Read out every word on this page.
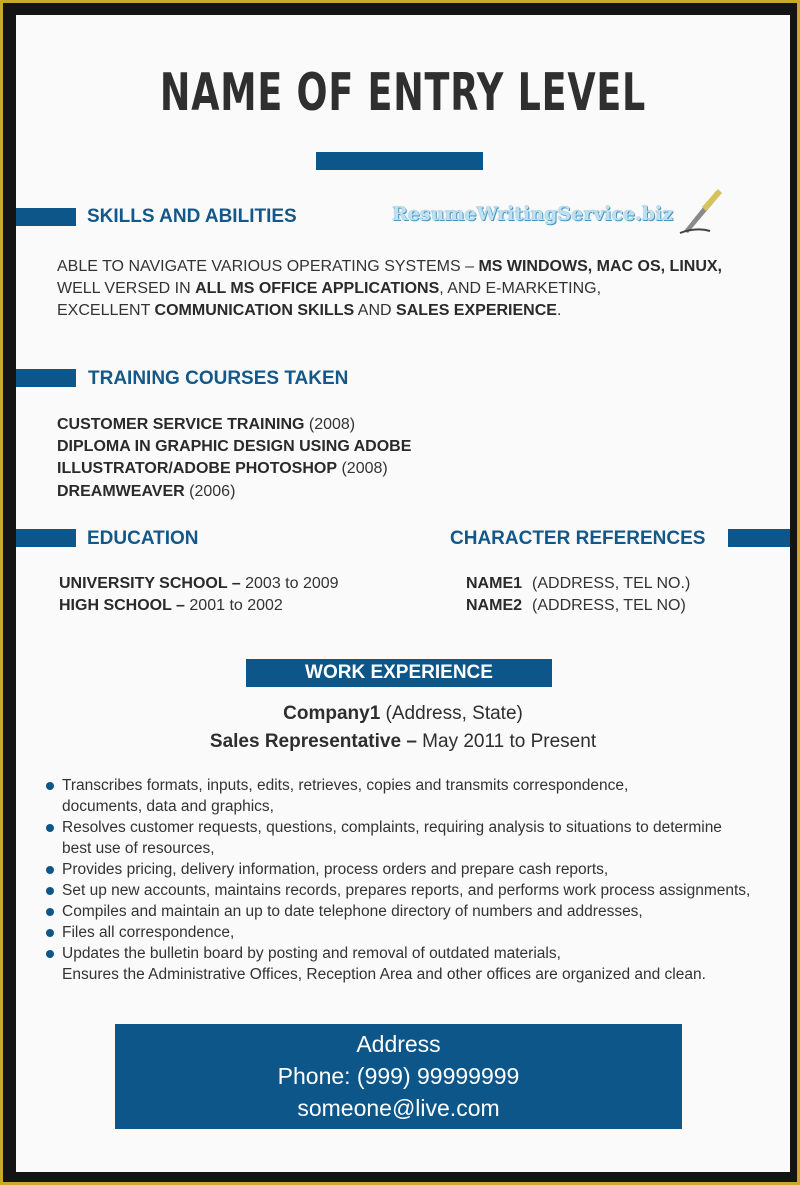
NAME OF ENTRY LEVEL
SKILLS AND ABILITIES	ResumeWritingService.biz
ABLE TO NAVIGATE VARIOUS OPERATING SYSTEMS – MS WINDOWS, MAC OS, LINUX,
WELL VERSED IN ALL MS OFFICE APPLICATIONS, AND E-MARKETING,
EXCELLENT COMMUNICATION SKILLS AND SALES EXPERIENCE.
TRAINING COURSES TAKEN
CUSTOMER SERVICE TRAINING (2008)
DIPLOMA IN GRAPHIC DESIGN USING ADOBE
ILLUSTRATOR/ADOBE PHOTOSHOP (2008)
DREAMWEAVER (2006)
EDUCATION
UNIVERSITY SCHOOL – 2003 to 2009
HIGH SCHOOL – 2001 to 2002
CHARACTER REFERENCES
NAME1 (ADDRESS, TEL NO.)
NAME2 (ADDRESS, TEL NO)
WORK EXPERIENCE
Company1 (Address, State)
Sales Representative – May 2011 to Present
Transcribes formats, inputs, edits, retrieves, copies and transmits correspondence,
documents, data and graphics,
Resolves customer requests, questions, complaints, requiring analysis to situations to determine
best use of resources,
Provides pricing, delivery information, process orders and prepare cash reports,
Set up new accounts, maintains records, prepares reports, and performs work process assignments,
Compiles and maintain an up to date telephone directory of numbers and addresses,
Files all correspondence,
Updates the bulletin board by posting and removal of outdated materials,
Ensures the Administrative Offices, Reception Area and other offices are organized and clean.
Address
Phone: (999) 99999999
someone@live.com
